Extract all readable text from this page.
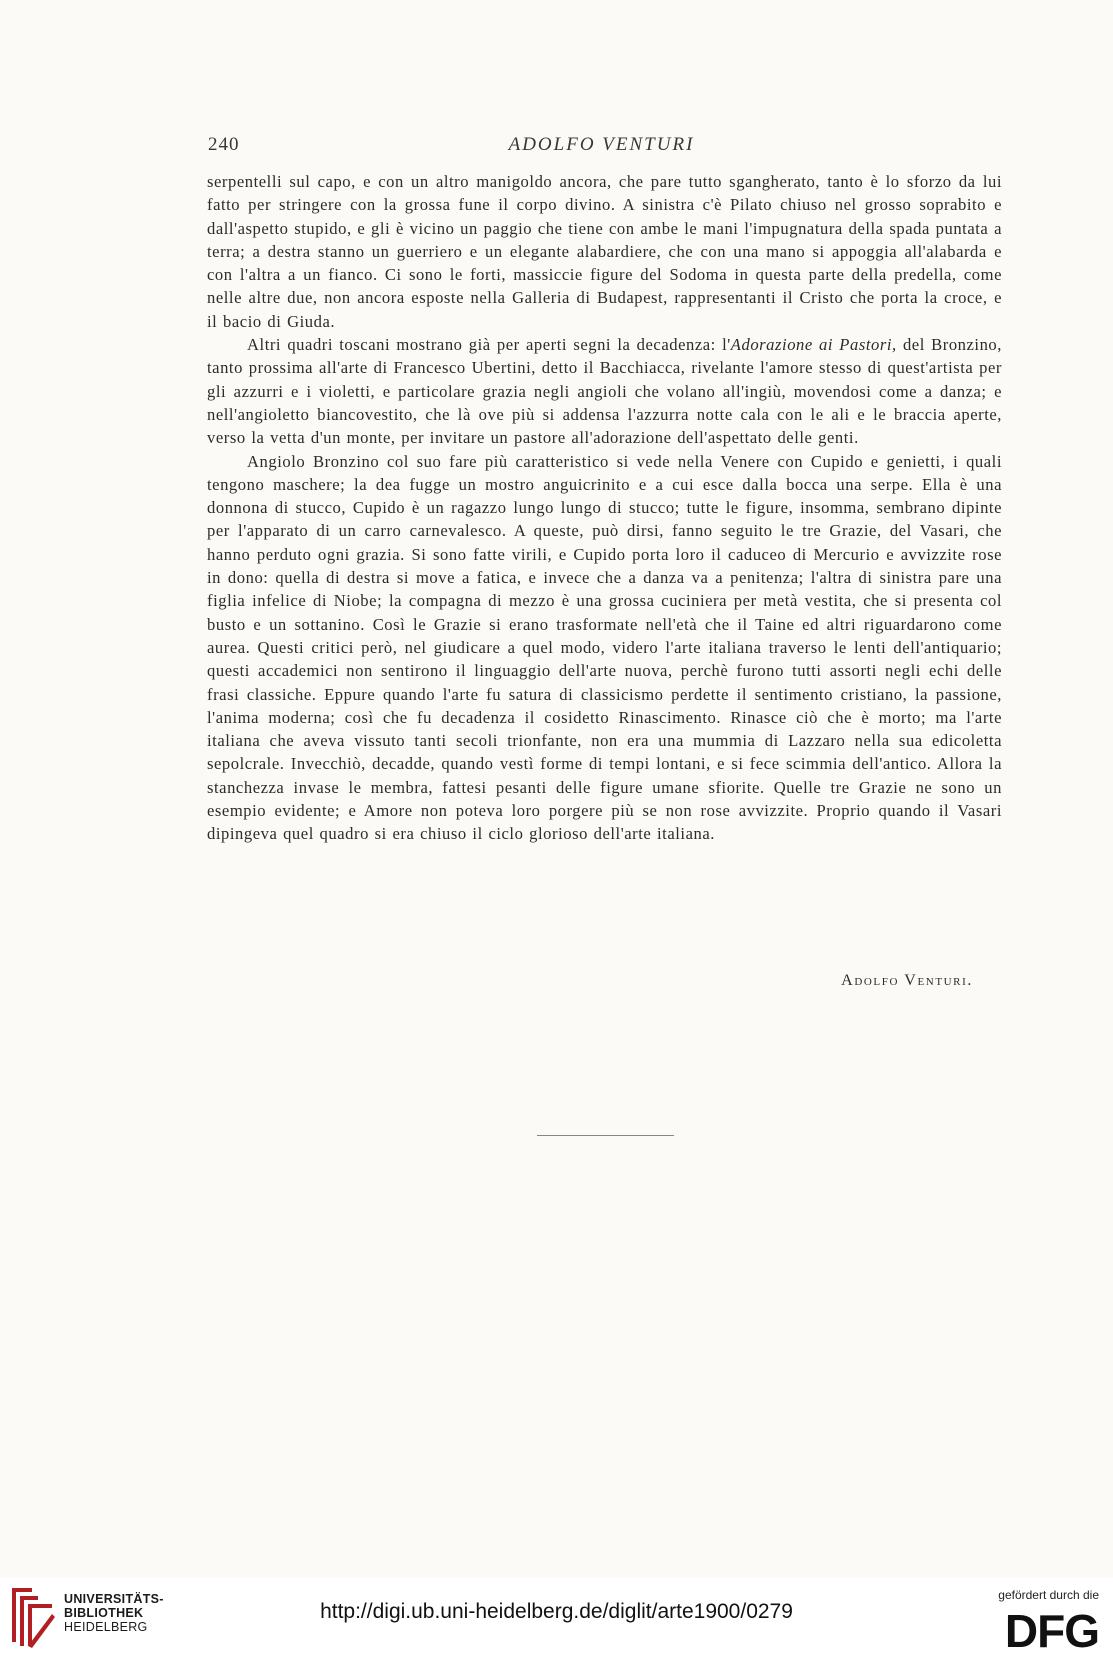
240	ADOLFO VENTURI

serpentelli sul capo, e con un altro manigoldo ancora, che pare tutto sgangherato, tanto è lo sforzo da lui fatto per stringere con la grossa fune il corpo divino. A sinistra c'è Pilato chiuso nel grosso soprabito e dall'aspetto stupido, e gli è vicino un paggio che tiene con ambe le mani l'impugnatura della spada puntata a terra; a destra stanno un guerriero e un elegante alabardiere, che con una mano si appoggia all'alabarda e con l'altra a un fianco. Ci sono le forti, massiccie figure del Sodoma in questa parte della predella, come nelle altre due, non ancora esposte nella Galleria di Budapest, rappresentanti il Cristo che porta la croce, e il bacio di Giuda.

Altri quadri toscani mostrano già per aperti segni la decadenza: l'Adorazione ai Pastori, del Bronzino, tanto prossima all'arte di Francesco Ubertini, detto il Bacchiacca, rivelante l'amore stesso di quest'artista per gli azzurri e i violetti, e particolare grazia negli angioli che volano all'ingiù, movendosi come a danza; e nell'angioletto biancovestito, che là ove più si addensa l'azzurra notte cala con le ali e le braccia aperte, verso la vetta d'un monte, per invitare un pastore all'adorazione dell'aspettato delle genti.

Angiolo Bronzino col suo fare più caratteristico si vede nella Venere con Cupido e genietti, i quali tengono maschere; la dea fugge un mostro anguicrinito e a cui esce dalla bocca una serpe. Ella è una donnona di stucco, Cupido è un ragazzo lungo lungo di stucco; tutte le figure, insomma, sembrano dipinte per l'apparato di un carro carnevalesco. A queste, può dirsi, fanno seguito le tre Grazie, del Vasari, che hanno perduto ogni grazia. Si sono fatte virili, e Cupido porta loro il caduceo di Mercurio e avvizzite rose in dono: quella di destra si move a fatica, e invece che a danza va a penitenza; l'altra di sinistra pare una figlia infelice di Niobe; la compagna di mezzo è una grossa cuciniera per metà vestita, che si presenta col busto e un sottanino. Così le Grazie si erano trasformate nell'età che il Taine ed altri riguardarono come aurea. Questi critici però, nel giudicare a quel modo, videro l'arte italiana traverso le lenti dell'antiquario; questi accademici non sentirono il linguaggio dell'arte nuova, perchè furono tutti assorti negli echi delle frasi classiche. Eppure quando l'arte fu satura di classicismo perdette il sentimento cristiano, la passione, l'anima moderna; così che fu decadenza il cosidetto Rinascimento. Rinasce ciò che è morto; ma l'arte italiana che aveva vissuto tanti secoli trionfante, non era una mummia di Lazzaro nella sua edicoletta sepolcrale. Invecchiò, decadde, quando vestì forme di tempi lontani, e si fece scimmia dell'antico. Allora la stanchezza invase le membra, fattesi pesanti delle figure umane sfiorite. Quelle tre Grazie ne sono un esempio evidente; e Amore non poteva loro porgere più se non rose avvizzite. Proprio quando il Vasari dipingeva quel quadro si era chiuso il ciclo glorioso dell'arte italiana.

Adolfo Venturi.
UNIVERSITÄTS-
BIBLIOTHEK
HEIDELBERG
http://digi.ub.uni-heidelberg.de/diglit/arte1900/0279
gefördert durch die
DFG
